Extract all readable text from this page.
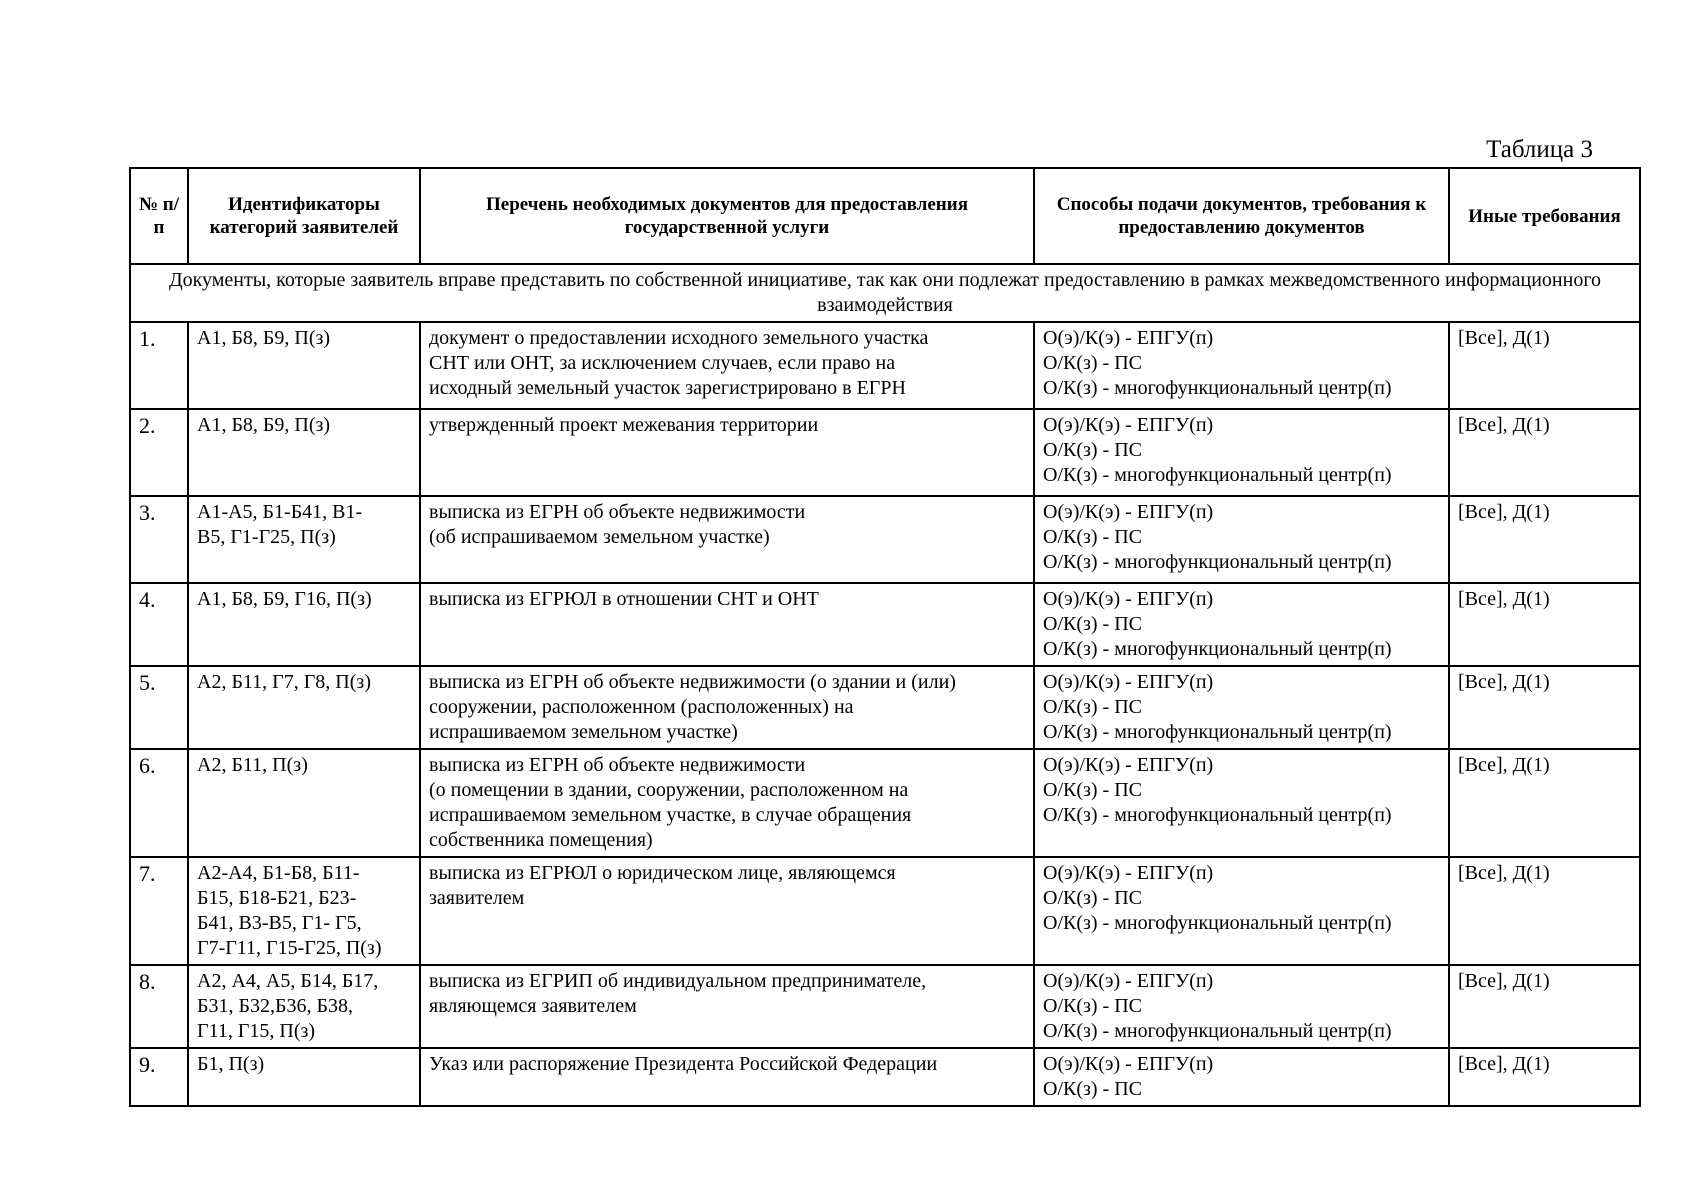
Таблица 3
№ п/п	Идентификаторы категорий заявителей	Перечень необходимых документов для предоставления государственной услуги	Способы подачи документов, требования к предоставлению документов	Иные требования
Документы, которые заявитель вправе представить по собственной инициативе, так как они подлежат предоставлению в рамках межведомственного информационного взаимодействия				
1.	А1, Б8, Б9, П(з)	документ о предоставлении исходного земельного участка
СНТ или ОНТ, за исключением случаев, если право на
исходный земельный участок зарегистрировано в ЕГРН	О(э)/К(э) - ЕПГУ(п)
О/К(з) - ПС
О/К(з) - многофункциональный центр(п)	[Все], Д(1)
2.	А1, Б8, Б9, П(з)	утвержденный проект межевания территории	О(э)/К(э) - ЕПГУ(п)
О/К(з) - ПС
О/К(з) - многофункциональный центр(п)	[Все], Д(1)
3.	А1-А5, Б1-Б41, В1-
В5, Г1-Г25, П(з)	выписка из ЕГРН об объекте недвижимости
(об испрашиваемом земельном участке)	О(э)/К(э) - ЕПГУ(п)
О/К(з) - ПС
О/К(з) - многофункциональный центр(п)	[Все], Д(1)
4.	А1, Б8, Б9, Г16, П(з)	выписка из ЕГРЮЛ в отношении СНТ и ОНТ	О(э)/К(э) - ЕПГУ(п)
О/К(з) - ПС
О/К(з) - многофункциональный центр(п)	[Все], Д(1)
5.	А2, Б11, Г7, Г8, П(з)	выписка из ЕГРН об объекте недвижимости (о здании и (или)
сооружении, расположенном (расположенных) на
испрашиваемом земельном участке)	О(э)/К(э) - ЕПГУ(п)
О/К(з) - ПС
О/К(з) - многофункциональный центр(п)	[Все], Д(1)
6.	А2, Б11, П(з)	выписка из ЕГРН об объекте недвижимости
(о помещении в здании, сооружении, расположенном на
испрашиваемом земельном участке, в случае обращения
собственника помещения)	О(э)/К(э) - ЕПГУ(п)
О/К(з) - ПС
О/К(з) - многофункциональный центр(п)	[Все], Д(1)
7.	А2-А4, Б1-Б8, Б11-
Б15, Б18-Б21, Б23-
Б41, В3-В5, Г1- Г5,
Г7-Г11, Г15-Г25, П(з)	выписка из ЕГРЮЛ о юридическом лице, являющемся
заявителем	О(э)/К(э) - ЕПГУ(п)
О/К(з) - ПС
О/К(з) - многофункциональный центр(п)	[Все], Д(1)
8.	А2, А4, А5, Б14, Б17,
Б31, Б32,Б36, Б38,
Г11, Г15, П(з)	выписка из ЕГРИП об индивидуальном предпринимателе,
являющемся заявителем	О(э)/К(э) - ЕПГУ(п)
О/К(з) - ПС
О/К(з) - многофункциональный центр(п)	[Все], Д(1)
9.	Б1, П(з)	Указ или распоряжение Президента Российской Федерации	О(э)/К(э) - ЕПГУ(п)
О/К(з) - ПС	[Все], Д(1)
